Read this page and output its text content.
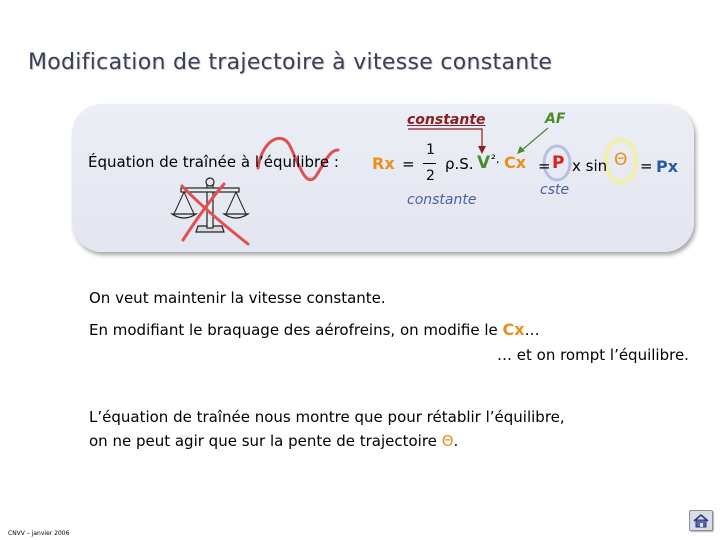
Modification de trajectoire à vitesse constante
Équation de traînée à l’équilibre : Rx =
1
2
ρ.S. V ². Cx = P x sin Θ = Px
constante	AF
cste
constante
On veut maintenir la vitesse constante.
En modifiant le braquage des aérofreins, on modifie le Cx…
… et on rompt l’équilibre.
L’équation de traînée nous montre que pour rétablir l’équilibre,
on ne peut agir que sur la pente de trajectoire Θ.
CNVV – janvier 2006
